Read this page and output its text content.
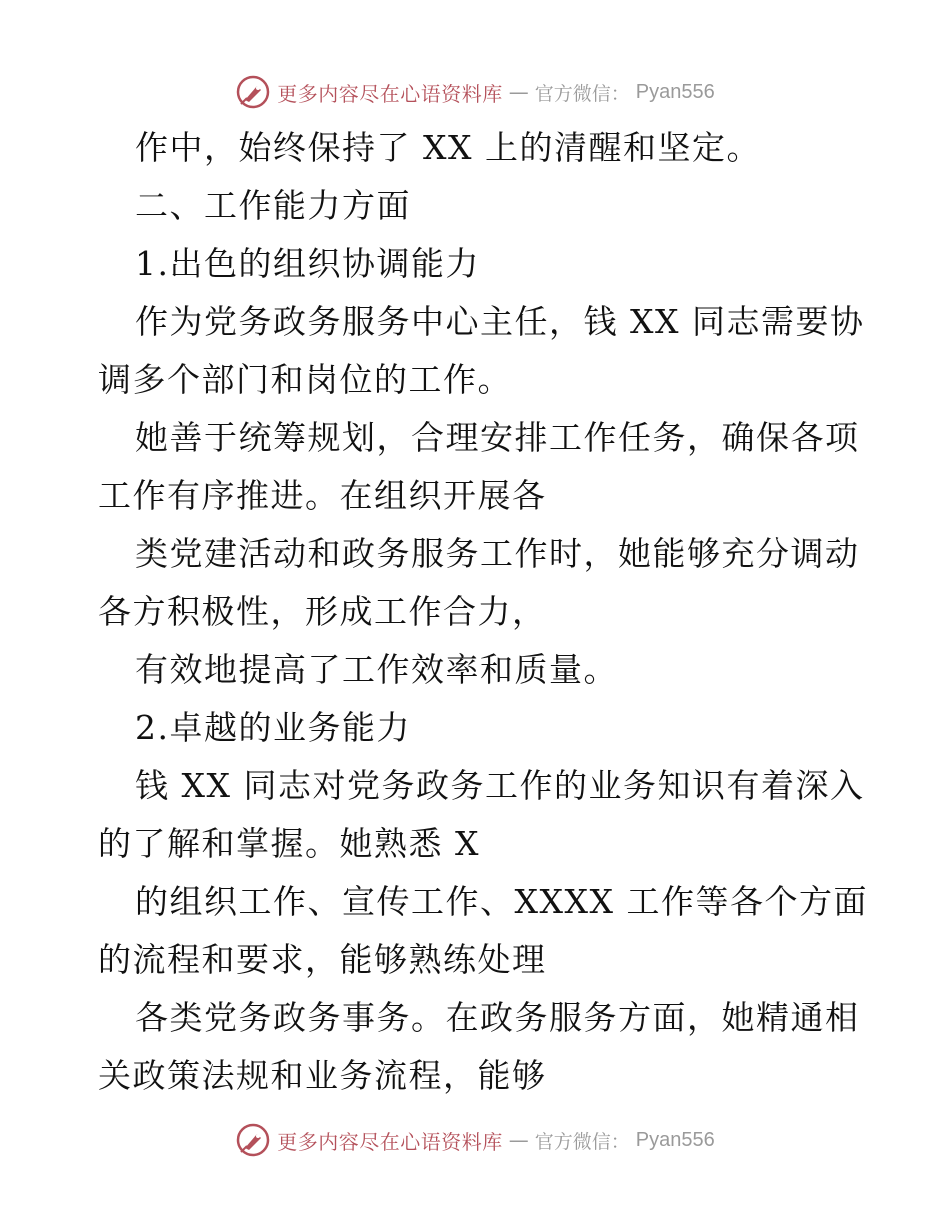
更多内容尽在心语资料库 — 官方微信： Pyan556
作中，始终保持了 XX 上的清醒和坚定。
二、工作能力方面
1.出色的组织协调能力
作为党务政务服务中心主任，钱 XX 同志需要协
调多个部门和岗位的工作。
她善于统筹规划，合理安排工作任务，确保各项
工作有序推进。在组织开展各
类党建活动和政务服务工作时，她能够充分调动
各方积极性，形成工作合力，
有效地提高了工作效率和质量。
2.卓越的业务能力
钱 XX 同志对党务政务工作的业务知识有着深入
的了解和掌握。她熟悉 X
的组织工作、宣传工作、XXXX 工作等各个方面
的流程和要求，能够熟练处理
各类党务政务事务。在政务服务方面，她精通相
关政策法规和业务流程，能够
更多内容尽在心语资料库 — 官方微信： Pyan556
